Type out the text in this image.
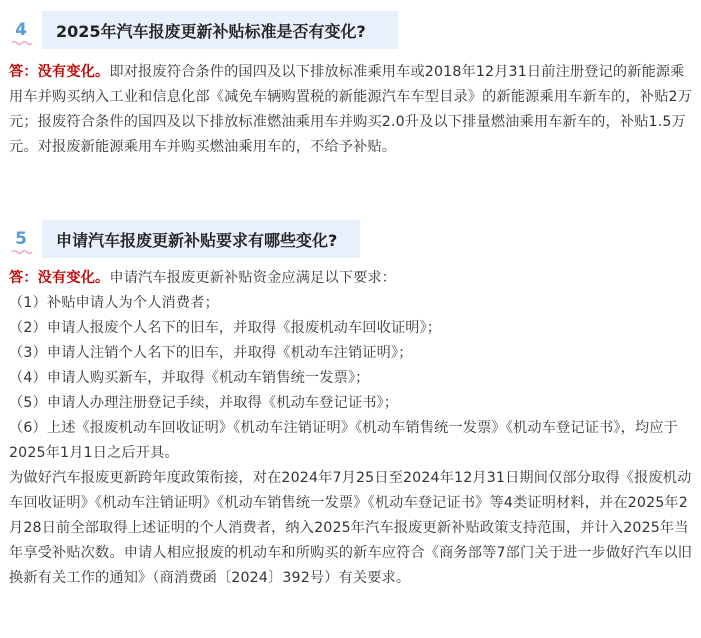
4	2025年汽车报废更新补贴标准是否有变化?
答：没有变化。即对报废符合条件的国四及以下排放标准乘用车或2018年12月31日前注册登记的新能源乘用车并购买纳入工业和信息化部《减免车辆购置税的新能源汽车车型目录》的新能源乘用车新车的，补贴2万元；报废符合条件的国四及以下排放标准燃油乘用车并购买2.0升及以下排量燃油乘用车新车的，补贴1.5万元。对报废新能源乘用车并购买燃油乘用车的，不给予补贴。
5	申请汽车报废更新补贴要求有哪些变化?
答：没有变化。申请汽车报废更新补贴资金应满足以下要求：
（1）补贴申请人为个人消费者；
（2）申请人报废个人名下的旧车，并取得《报废机动车回收证明》；
（3）申请人注销个人名下的旧车，并取得《机动车注销证明》；
（4）申请人购买新车，并取得《机动车销售统一发票》；
（5）申请人办理注册登记手续，并取得《机动车登记证书》；
（6）上述《报废机动车回收证明》《机动车注销证明》《机动车销售统一发票》《机动车登记证书》，均应于2025年1月1日之后开具。
为做好汽车报废更新跨年度政策衔接，对在2024年7月25日至2024年12月31日期间仅部分取得《报废机动车回收证明》《机动车注销证明》《机动车销售统一发票》《机动车登记证书》等4类证明材料，并在2025年2月28日前全部取得上述证明的个人消费者，纳入2025年汽车报废更新补贴政策支持范围，并计入2025年当年享受补贴次数。申请人相应报废的机动车和所购买的新车应符合《商务部等7部门关于进一步做好汽车以旧换新有关工作的通知》（商消费函〔2024〕392号）有关要求。
